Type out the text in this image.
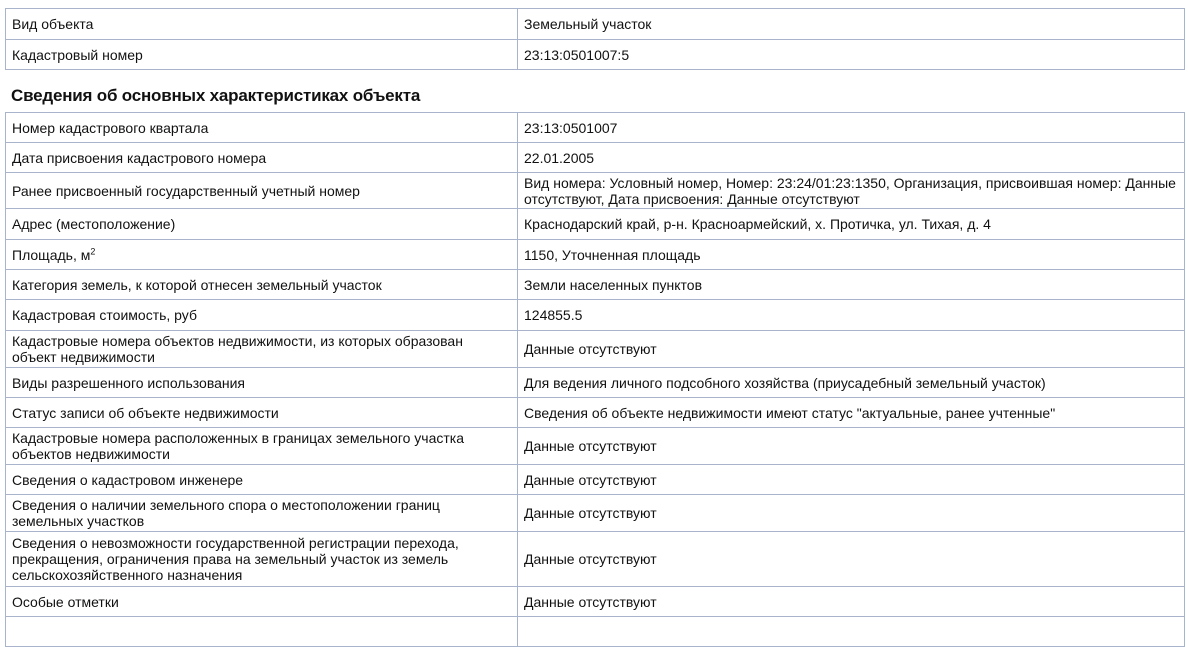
Вид объекта	Земельный участок
Кадастровый номер	23:13:0501007:5
Сведения об основных характеристиках объекта
Номер кадастрового квартала	23:13:0501007
Дата присвоения кадастрового номера	22.01.2005
Ранее присвоенный государственный учетный номер	Вид номера: Условный номер, Номер: 23:24/01:23:1350, Организация, присвоившая номер: Данные отсутствуют, Дата присвоения: Данные отсутствуют
Адрес (местоположение)	Краснодарский край, р-н. Красноармейский, х. Протичка, ул. Тихая, д. 4
Площадь, $м^2$	1150, Уточненная площадь
Категория земель, к которой отнесен земельный участок	Земли населенных пунктов
Кадастровая стоимость, руб	124855.5
Кадастровые номера объектов недвижимости, из которых образован объект недвижимости	Данные отсутствуют
Виды разрешенного использования	Для ведения личного подсобного хозяйства (приусадебный земельный участок)
Статус записи об объекте недвижимости	Сведения об объекте недвижимости имеют статус "актуальные, ранее учтенные"
Кадастровые номера расположенных в границах земельного участка объектов недвижимости	Данные отсутствуют
Сведения о кадастровом инженере	Данные отсутствуют
Сведения о наличии земельного спора о местоположении границ земельных участков	Данные отсутствуют
Сведения о невозможности государственной регистрации перехода, прекращения, ограничения права на земельный участок из земель сельскохозяйственного назначения	Данные отсутствуют
Особые отметки	Данные отсутствуют
